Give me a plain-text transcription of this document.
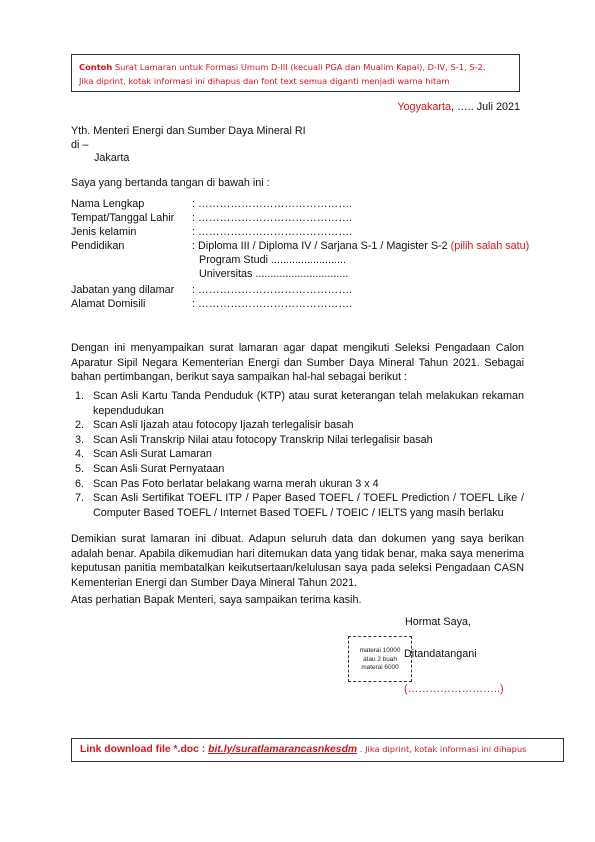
Contoh Surat Lamaran untuk Formasi Umum D-III (kecuali PGA dan Mualim Kapal), D-IV, S-1, S-2.
Jika diprint, kotak informasi ini dihapus dan font text semua diganti menjadi warna hitam
Yogyakarta, ….. Juli 2021
Yth. Menteri Energi dan Sumber Daya Mineral RI
di –
Jakarta
Saya yang bertanda tangan di bawah ini :
Nama Lengkap	: …………………………………….
Tempat/Tanggal Lahir : …………………………………….
Jenis kelamin	: …………………………………….
Pendidikan	: Diploma III / Diploma IV / Sarjana S-1 / Magister S-2 (pilih salah satu)
Program Studi .........................
Universitas ...............................
Jabatan yang dilamar : …………………………………….
Alamat Domisili	: …………………………………….
Dengan ini menyampaikan surat lamaran agar dapat mengikuti Seleksi Pengadaan Calon Aparatur Sipil Negara Kementerian Energi dan Sumber Daya Mineral Tahun 2021. Sebagai bahan pertimbangan, berikut saya sampaikan hal-hal sebagai berikut :
1. Scan Asli Kartu Tanda Penduduk (KTP) atau surat keterangan telah melakukan rekaman kependudukan
2. Scan Asli Ijazah atau fotocopy Ijazah terlegalisir basah
3. Scan Asli Transkrip Nilai atau fotocopy Transkrip Nilai terlegalisir basah
4. Scan Asli Surat Lamaran
5. Scan Asli Surat Pernyataan
6. Scan Pas Foto berlatar belakang warna merah ukuran 3 x 4
7. Scan Asli Sertifikat TOEFL ITP / Paper Based TOEFL / TOEFL Prediction / TOEFL Like / Computer Based TOEFL / Internet Based TOEFL / TOEIC / IELTS yang masih berlaku
Demikian surat lamaran ini dibuat. Adapun seluruh data dan dokumen yang saya berikan adalah benar. Apabila dikemudian hari ditemukan data yang tidak benar, maka saya menerima keputusan panitia membatalkan keikutsertaan/kelulusan saya pada seleksi Pengadaan CASN Kementerian Energi dan Sumber Daya Mineral Tahun 2021.
Atas perhatian Bapak Menteri, saya sampaikan terima kasih.
Hormat Saya,
materai 10000
atau 2 buah
materai 6000
Ditandatangani
(……………………..)
Link download file *.doc : bit.ly/suratlamarancasnkesdm . Jika diprint, kotak informasi ini dihapus
